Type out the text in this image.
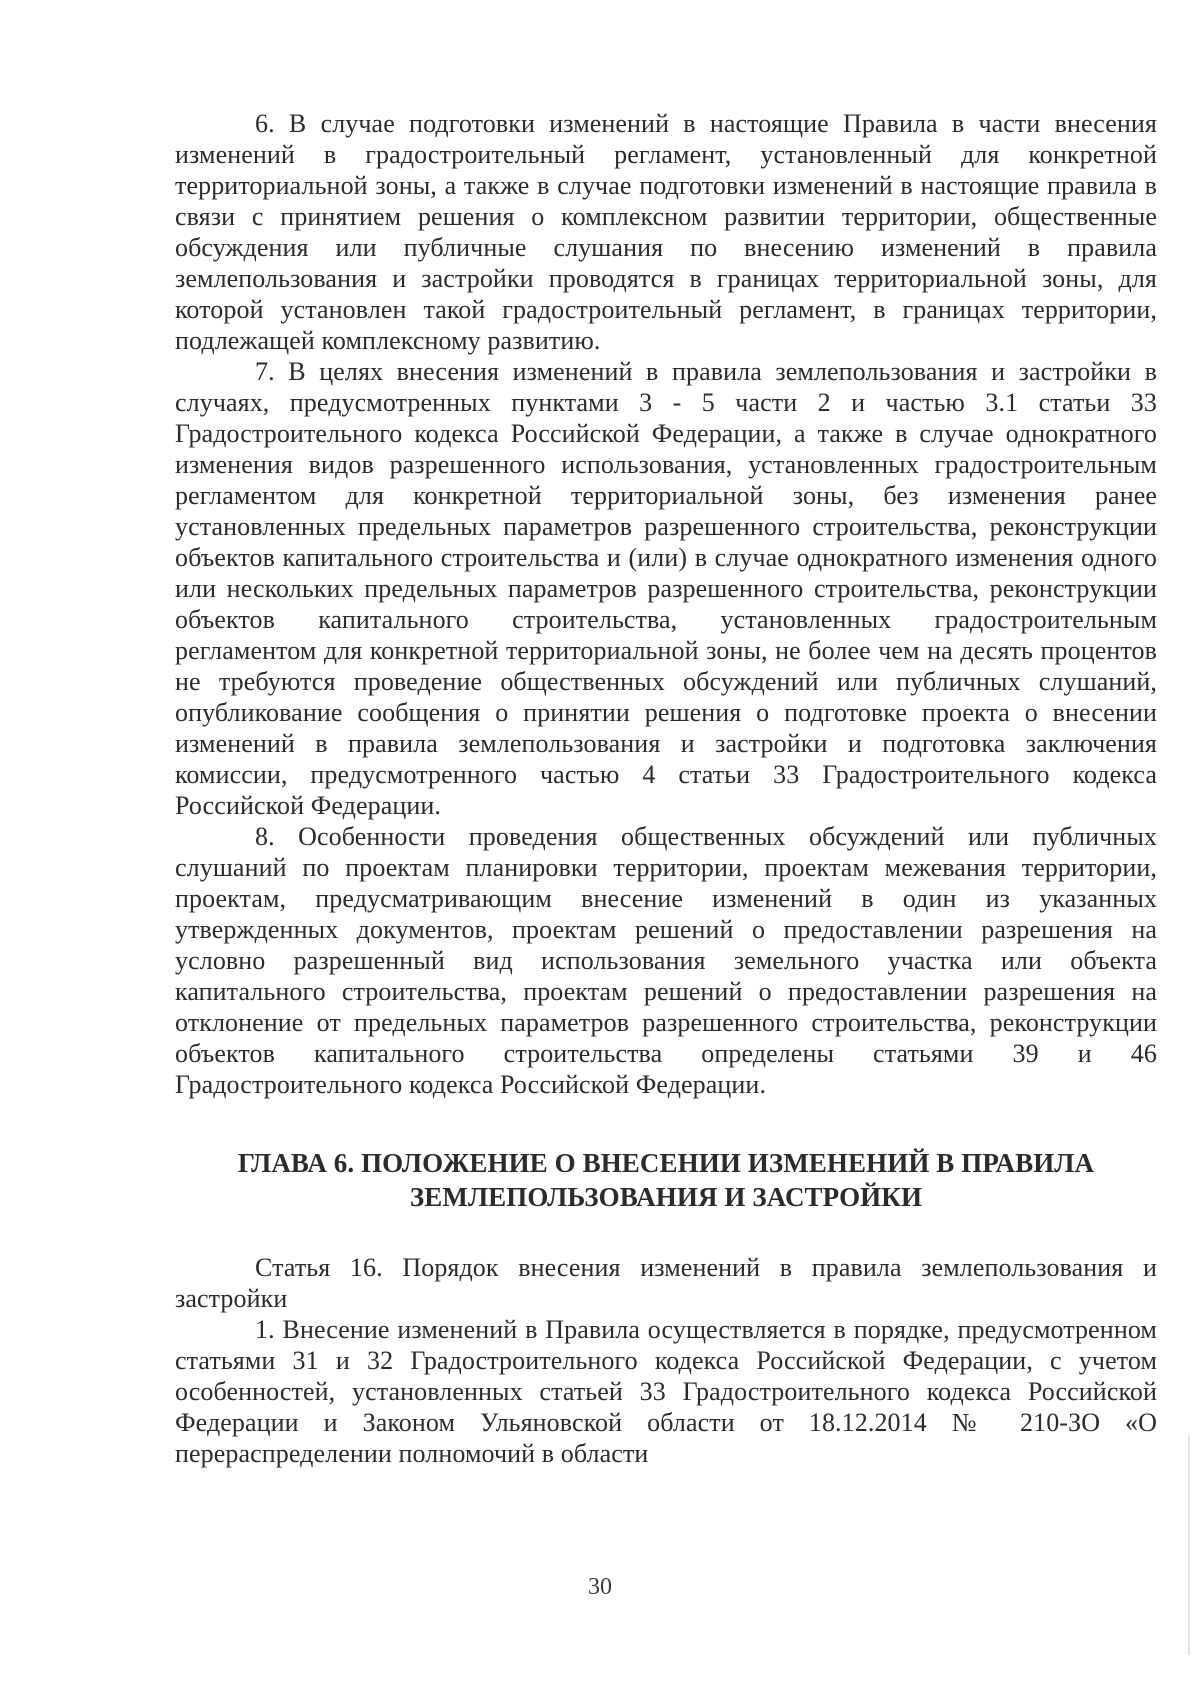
6. В случае подготовки изменений в настоящие Правила в части внесения изменений в градостроительный регламент, установленный для конкретной территориальной зоны, а также в случае подготовки изменений в настоящие правила в связи с принятием решения о комплексном развитии территории, общественные обсуждения или публичные слушания по внесению изменений в правила землепользования и застройки проводятся в границах территориальной зоны, для которой установлен такой градостроительный регламент, в границах территории, подлежащей комплексному развитию.

7. В целях внесения изменений в правила землепользования и застройки в случаях, предусмотренных пунктами 3 - 5 части 2 и частью 3.1 статьи 33 Градостроительного кодекса Российской Федерации, а также в случае однократного изменения видов разрешенного использования, установленных градостроительным регламентом для конкретной территориальной зоны, без изменения ранее установленных предельных параметров разрешенного строительства, реконструкции объектов капитального строительства и (или) в случае однократного изменения одного или нескольких предельных параметров разрешенного строительства, реконструкции объектов капитального строительства, установленных градостроительным регламентом для конкретной территориальной зоны, не более чем на десять процентов не требуются проведение общественных обсуждений или публичных слушаний, опубликование сообщения о принятии решения о подготовке проекта о внесении изменений в правила землепользования и застройки и подготовка заключения комиссии, предусмотренного частью 4 статьи 33 Градостроительного кодекса Российской Федерации.

8. Особенности проведения общественных обсуждений или публичных слушаний по проектам планировки территории, проектам межевания территории, проектам, предусматривающим внесение изменений в один из указанных утвержденных документов, проектам решений о предоставлении разрешения на условно разрешенный вид использования земельного участка или объекта капитального строительства, проектам решений о предоставлении разрешения на отклонение от предельных параметров разрешенного строительства, реконструкции объектов капитального строительства определены статьями 39 и 46 Градостроительного кодекса Российской Федерации.

ГЛАВА 6. ПОЛОЖЕНИЕ О ВНЕСЕНИИ ИЗМЕНЕНИЙ В ПРАВИЛА ЗЕМЛЕПОЛЬЗОВАНИЯ И ЗАСТРОЙКИ

Статья 16. Порядок внесения изменений в правила землепользования и застройки

1. Внесение изменений в Правила осуществляется в порядке, предусмотренном статьями 31 и 32 Градостроительного кодекса Российской Федерации, с учетом особенностей, установленных статьей 33 Градостроительного кодекса Российской Федерации и Законом Ульяновской области от 18.12.2014 № 210-ЗО «О перераспределении полномочий в области

30
